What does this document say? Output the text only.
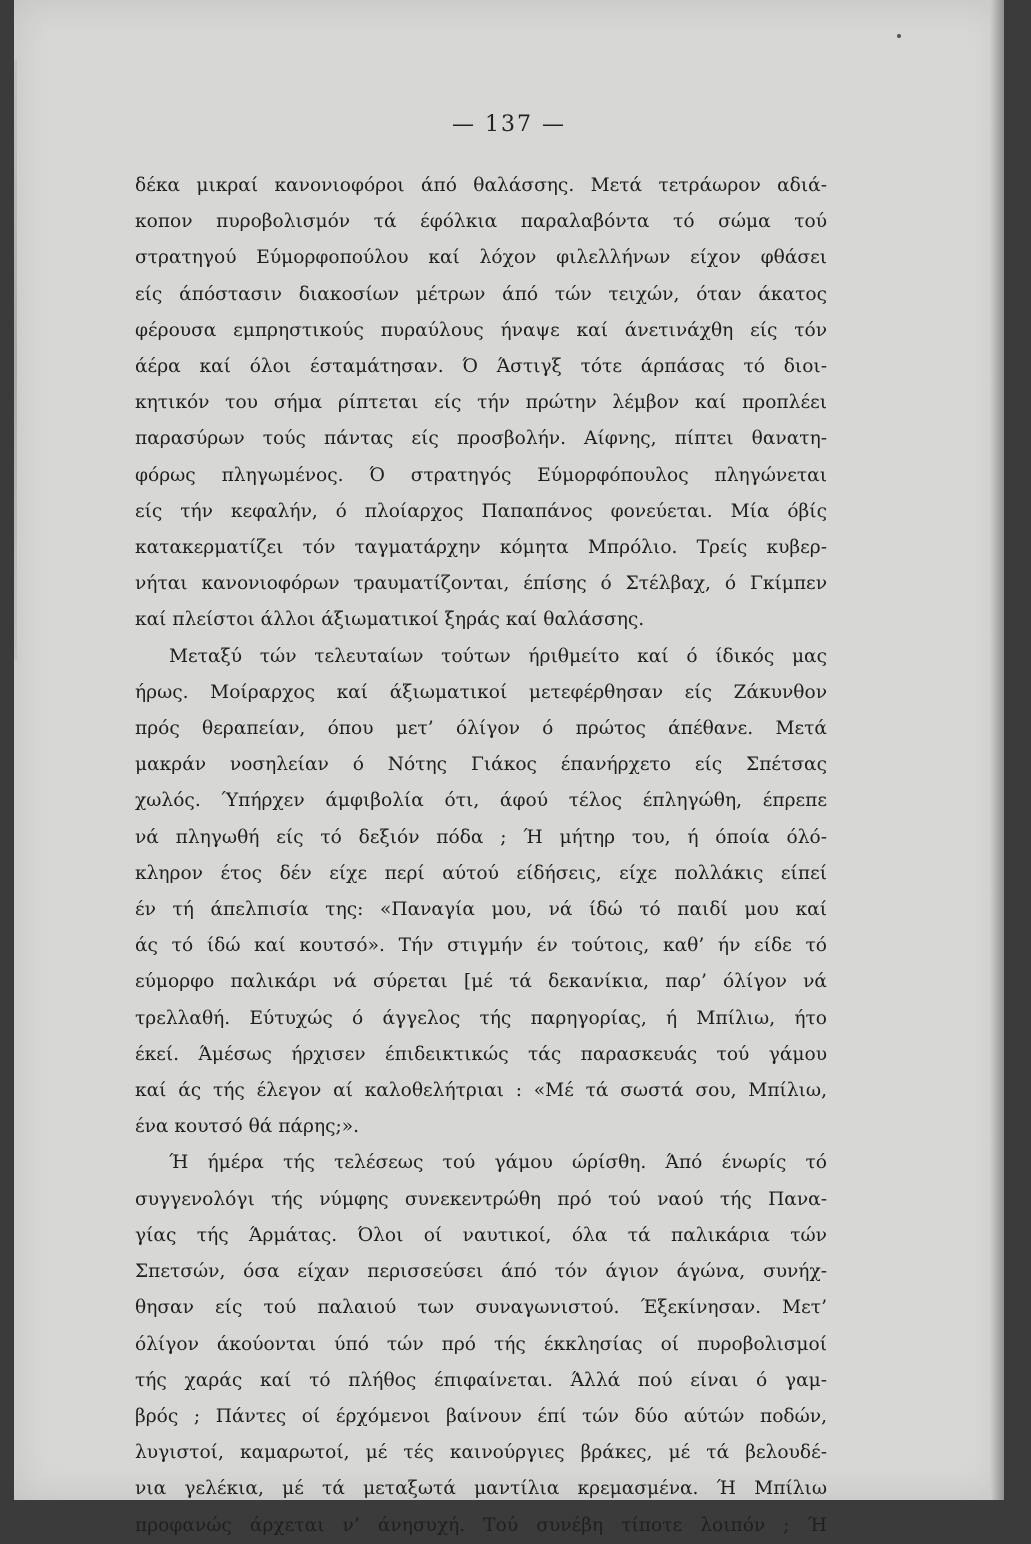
— 137 —
δέκα μικραί κανονιοφόροι άπό θαλάσσης. Μετά τετράωρον αδιά-
κοπον πυροβολισμόν τά έφόλκια παραλαβόντα τό σώμα τού
στρατηγού Εύμορφοπούλου καί λόχον φιλελλήνων είχον φθάσει
είς άπόστασιν διακοσίων μέτρων άπό τών τειχών, όταν άκατος
φέρουσα εμπρηστικούς πυραύλους ήναψε καί άνετινάχθη είς τόν
άέρα καί όλοι έσταμάτησαν. Ό Άστιγξ τότε άρπάσας τό διοι-
κητικόν του σήμα ρίπτεται είς τήν πρώτην λέμβον καί προπλέει
παρασύρων τούς πάντας είς προσβολήν. Αίφνης, πίπτει θανατη-
φόρως πληγωμένος. Ό στρατηγός Εύμορφόπουλος πληγώνεται
είς τήν κεφαλήν, ό πλοίαρχος Παπαπάνος φονεύεται. Μία όβίς
κατακερματίζει τόν ταγματάρχην κόμητα Μπρόλιο. Τρείς κυβερ-
νήται κανονιοφόρων τραυματίζονται, έπίσης ό Στέλβαχ, ό Γκίμπεν
καί πλείστοι άλλοι άξιωματικοί ξηράς καί θαλάσσης.
Μεταξύ τών τελευταίων τούτων ήριθμείτο καί ό ίδικός μας
ήρως. Μοίραρχος καί άξιωματικοί μετεφέρθησαν είς Ζάκυνθον
πρός θεραπείαν, όπου μετ’ όλίγον ό πρώτος άπέθανε. Μετά
μακράν νοσηλείαν ό Νότης Γιάκος έπανήρχετο είς Σπέτσας
χωλός. Ύπήρχεν άμφιβολία ότι, άφού τέλος έπληγώθη, έπρεπε
νά πληγωθή είς τό δεξιόν πόδα ; Ή μήτηρ του, ή όποία όλό-
κληρον έτος δέν είχε περί αύτού είδήσεις, είχε πολλάκις είπεί
έν τή άπελπισία της: «Παναγία μου, νά ίδώ τό παιδί μου καί
άς τό ίδώ καί κουτσό». Τήν στιγμήν έν τούτοις, καθ’ ήν είδε τό
εύμορφο παλικάρι νά σύρεται [μέ τά δεκανίκια, παρ’ όλίγον νά
τρελλαθή. Εύτυχώς ό άγγελος τής παρηγορίας, ή Μπίλιω, ήτο
έκεί. Άμέσως ήρχισεν έπιδεικτικώς τάς παρασκευάς τού γάμου
καί άς τής έλεγον αί καλοθελήτριαι : «Μέ τά σωστά σου, Μπίλιω,
ένα κουτσό θά πάρης;».
Ή ήμέρα τής τελέσεως τού γάμου ώρίσθη. Άπό ένωρίς τό
συγγενολόγι τής νύμφης συνεκεντρώθη πρό τού ναού τής Πανα-
γίας τής Άρμάτας. Όλοι οί ναυτικοί, όλα τά παλικάρια τών
Σπετσών, όσα είχαν περισσεύσει άπό τόν άγιον άγώνα, συνήχ-
θησαν είς τού παλαιού των συναγωνιστού. Έξεκίνησαν. Μετ’
όλίγον άκούονται ύπό τών πρό τής έκκλησίας οί πυροβολισμοί
τής χαράς καί τό πλήθος έπιφαίνεται. Άλλά πού είναι ό γαμ-
βρός ; Πάντες οί έρχόμενοι βαίνουν έπί τών δύο αύτών ποδών,
λυγιστοί, καμαρωτοί, μέ τές καινούργιες βράκες, μέ τά βελουδέ-
νια γελέκια, μέ τά μεταξωτά μαντίλια κρεμασμένα. Ή Μπίλιω
προφανώς άρχεται ν’ άνησυχή. Τού συνέβη τίποτε λοιπόν ; Ή
